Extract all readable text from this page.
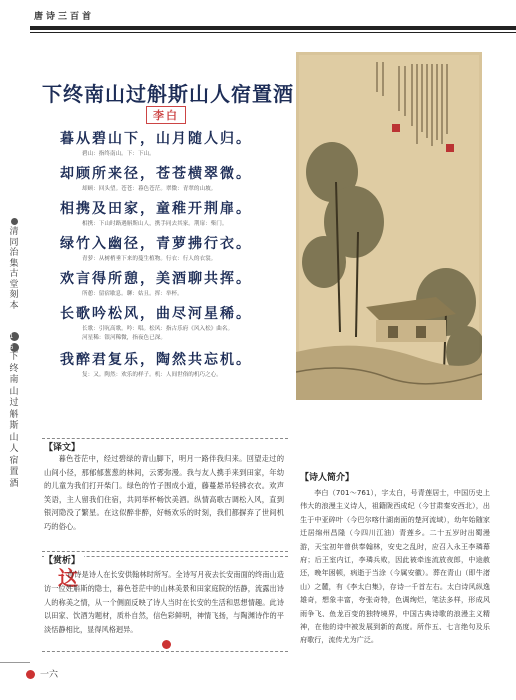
唐诗三百首
清同治集古堂刻本
1
6
下终南山过斛斯山人宿置酒
下终南山过斛斯山人宿置酒
李白
暮从碧山下，山月随人归。
碧山：指终南山。下：下山。
却顾所来径，苍苍横翠微。
却顾：回头望。苍苍：暮色苍茫。翠微：青翠的山坡。
相携及田家，童稚开荆扉。
相携：下山时路遇斛斯山人，携手同去其家。荆扉：柴门。
绿竹入幽径，青萝拂行衣。
青萝：从树梢垂下来的蔓生植物。行衣：行人的衣裳。
欢言得所憩，美酒聊共挥。
所憩：留宿歇息。聊：姑且。挥：举杯。
长歌吟松风，曲尽河星稀。
长歌：引吭高歌。吟：唱。松风：指古乐府《风入松》曲名。
河星稀：银河稀微，指夜色已深。
我醉君复乐，陶然共忘机。
复：又。陶然：欢乐的样子。机：人间世俗的机巧之心。
【译文】
暮色苍茫中，经过碧绿的青山脚下，明月一路伴我归来。回望走过的山间小径，那郁郁葱葱的林间，云雾弥漫。我与友人携手来到田家，年幼的儿童为我们打开柴门。绿色的竹子围成小道，藤蔓悬吊轻拂衣衣。欢声笑语，主人留我们住宿，共同举杯畅饮美酒。纵情高歌古调松入风，直到银河隐没了繁星。在这似醉非醉，好畅欢乐的时刻，我们都摒弃了世间机巧的俗心。
【赏析】
这
首诗是诗人在长安供翰林时所写。全诗写月夜去长安南面的终南山造访一位姓斛斯的隐士，暮色苍茫中的山林美景和田家庭院的恬静，流露出诗人的称美之情，从一个侧面反映了诗人当时在长安的生活和思想情趣。此诗以田家、饮酒为题材，质朴自然，信色彩鲜明，神情飞扬，与陶渊诗作的平淡恬静相比，显得风格迥异。
【诗人简介】
李白（701～761），字太白，号青莲居士，中国历史上伟大的浪漫主义诗人，祖籍陇西成纪（今甘肃秦安西北），出生于中亚碎叶（今巴尔喀什湖南面的楚河流域），幼年始随家迁居绵州昌隆（今四川江油）青莲乡。二十五岁时出蜀漫游，天宝初年曾供奉翰林，安史之乱时，应召入永王李璘幕府；后王室内讧，李璘兵败，因此被牵连流放夜郎，中途赦还，晚年困顿，病逝于当涂（今属安徽）。葬在青山（即牛渚山）之麓，有《李太白集》，存诗一千首左右。太白诗风纵逸雄奇，想象丰富，夸张奇特，色调绚烂，笔法多样，形成风雨争飞、鱼龙百变的独特境界，中国古典诗歌的浪漫主义精神，在他的诗中被发展到新的高度。所作五、七言绝句及乐府歌行，流传尤为广泛。
一六
